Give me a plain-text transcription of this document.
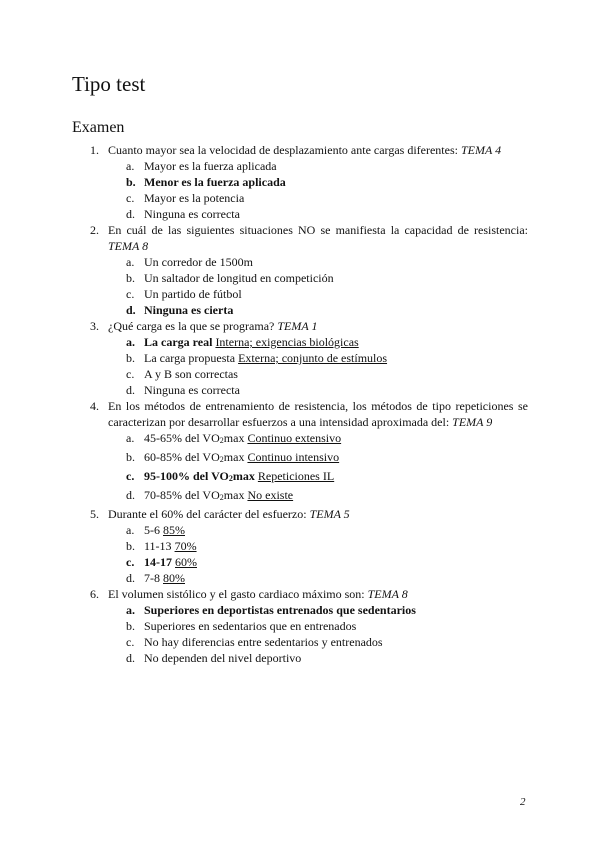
Tipo test
Examen
1. Cuanto mayor sea la velocidad de desplazamiento ante cargas diferentes: TEMA 4
a. Mayor es la fuerza aplicada
b. Menor es la fuerza aplicada
c. Mayor es la potencia
d. Ninguna es correcta
2. En cuál de las siguientes situaciones NO se manifiesta la capacidad de resistencia: TEMA 8
a. Un corredor de 1500m
b. Un saltador de longitud en competición
c. Un partido de fútbol
d. Ninguna es cierta
3. ¿Qué carga es la que se programa? TEMA 1
a. La carga real Interna; exigencias biológicas
b. La carga propuesta Externa; conjunto de estímulos
c. A y B son correctas
d. Ninguna es correcta
4. En los métodos de entrenamiento de resistencia, los métodos de tipo repeticiones se caracterizan por desarrollar esfuerzos a una intensidad aproximada del: TEMA 9
a. 45-65% del $VO_2\max$ Continuo extensivo
b. 60-85% del $VO_2\max$ Continuo intensivo
c. 95-100% del $VO_2\max$ Repeticiones IL
d. 70-85% del $VO_2\max$ No existe
5. Durante el 60% del carácter del esfuerzo: TEMA 5
a. 5-6 85%
b. 11-13 70%
c. 14-17 60%
d. 7-8 80%
6. El volumen sistólico y el gasto cardiaco máximo son: TEMA 8
a. Superiores en deportistas entrenados que sedentarios
b. Superiores en sedentarios que en entrenados
c. No hay diferencias entre sedentarios y entrenados
d. No dependen del nivel deportivo
2
